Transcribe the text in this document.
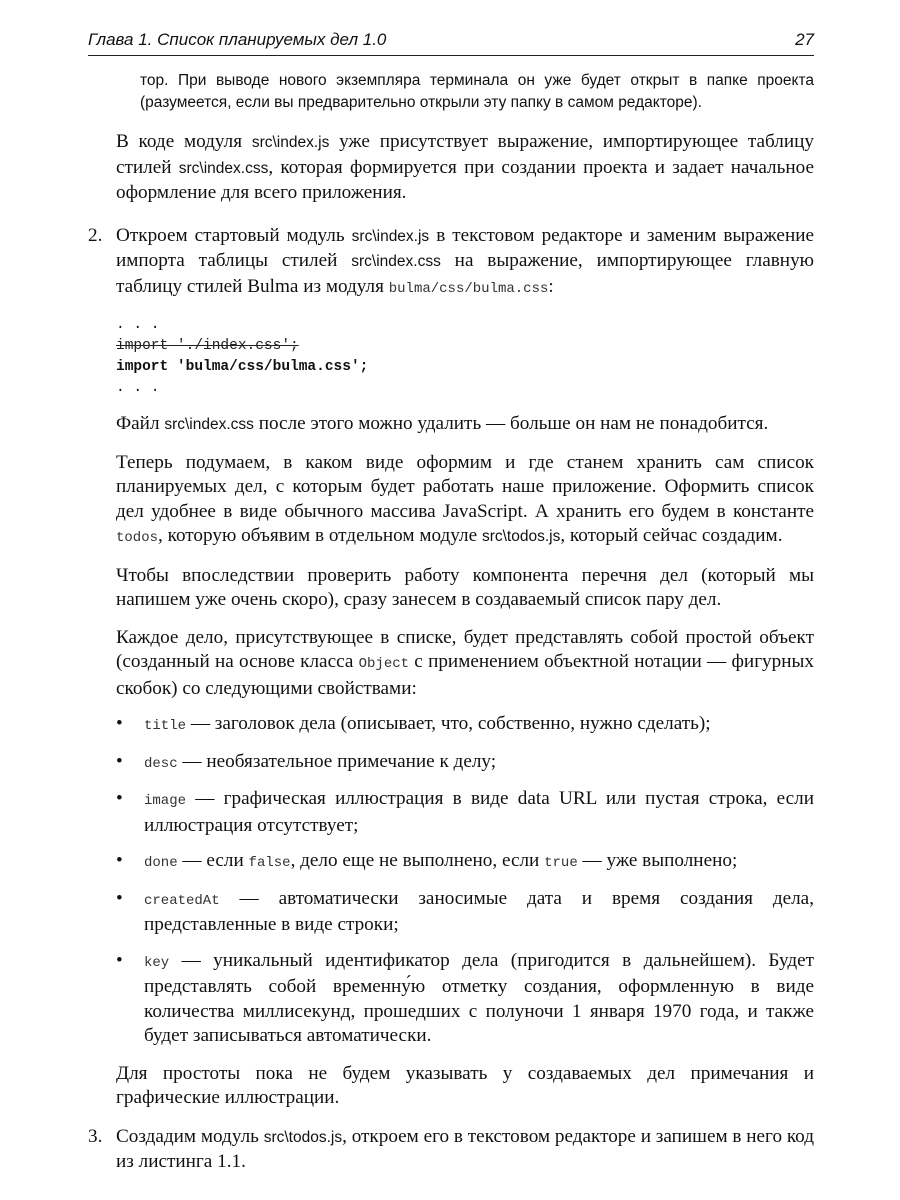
Глава 1. Список планируемых дел 1.0	27

тор. При выводе нового экземпляра терминала он уже будет открыт в папке проекта (разумеется, если вы предварительно открыли эту папку в самом редакторе).

В коде модуля src\index.js уже присутствует выражение, импортирующее таблицу стилей src\index.css, которая формируется при создании проекта и задает начальное оформление для всего приложения.

2. Откроем стартовый модуль src\index.js в текстовом редакторе и заменим выражение импорта таблицы стилей src\index.css на выражение, импортирующее главную таблицу стилей Bulma из модуля bulma/css/bulma.css:

. . .
import './index.css';
import 'bulma/css/bulma.css';
. . .

Файл src\index.css после этого можно удалить — больше он нам не понадобится.

Теперь подумаем, в каком виде оформим и где станем хранить сам список планируемых дел, с которым будет работать наше приложение. Оформить список дел удобнее в виде обычного массива JavaScript. А хранить его будем в константе todos, которую объявим в отдельном модуле src\todos.js, который сейчас создадим.

Чтобы впоследствии проверить работу компонента перечня дел (который мы напишем уже очень скоро), сразу занесем в создаваемый список пару дел.

Каждое дело, присутствующее в списке, будет представлять собой простой объект (созданный на основе класса Object с применением объектной нотации — фигурных скобок) со следующими свойствами:

•	title — заголовок дела (описывает, что, собственно, нужно сделать);

•	desc — необязательное примечание к делу;

•	image — графическая иллюстрация в виде data URL или пустая строка, если иллюстрация отсутствует;

•	done — если false, дело еще не выполнено, если true — уже выполнено;

•	createdAt — автоматически заносимые дата и время создания дела, представленные в виде строки;

•	key — уникальный идентификатор дела (пригодится в дальнейшем). Будет представлять собой временну́ю отметку создания, оформленную в виде количества миллисекунд, прошедших с полуночи 1 января 1970 года, и также будет записываться автоматически.

Для простоты пока не будем указывать у создаваемых дел примечания и графические иллюстрации.

3. Создадим модуль src\todos.js, откроем его в текстовом редакторе и запишем в него код из листинга 1.1.
